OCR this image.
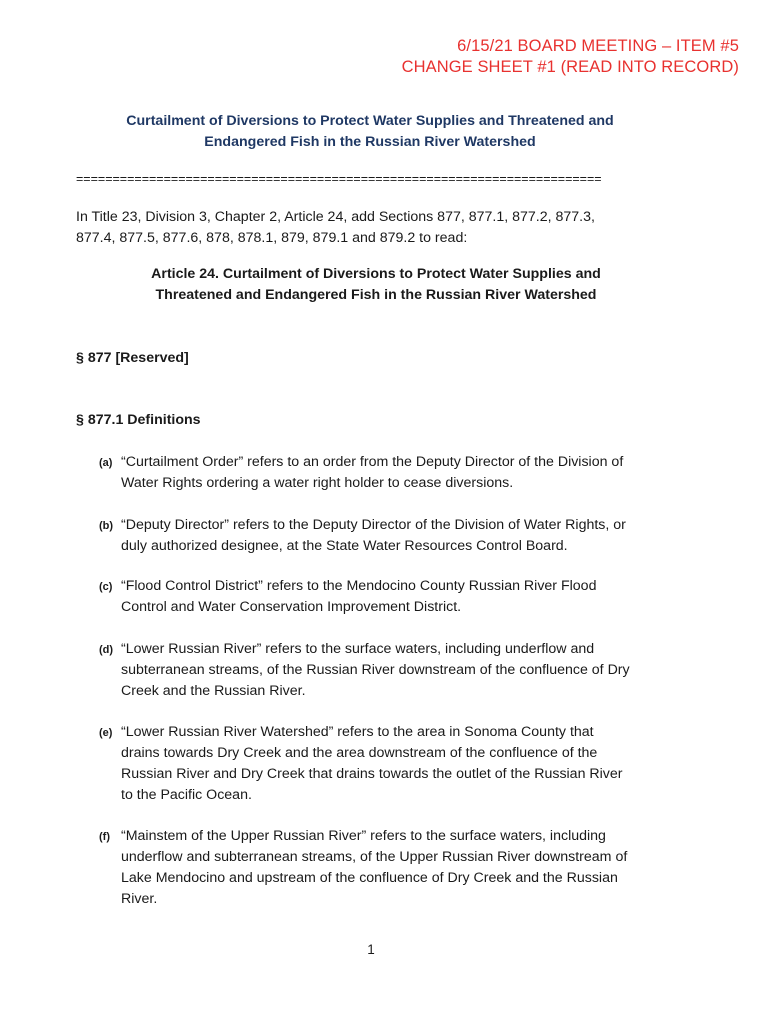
6/15/21 BOARD MEETING – ITEM #5
CHANGE SHEET #1 (READ INTO RECORD)
Curtailment of Diversions to Protect Water Supplies and Threatened and
Endangered Fish in the Russian River Watershed
========================================================================
In Title 23, Division 3, Chapter 2, Article 24, add Sections 877, 877.1, 877.2, 877.3,
877.4, 877.5, 877.6, 878, 878.1, 879, 879.1 and 879.2 to read:
Article 24. Curtailment of Diversions to Protect Water Supplies and
Threatened and Endangered Fish in the Russian River Watershed
§ 877 [Reserved]
§ 877.1 Definitions
(a) “Curtailment Order” refers to an order from the Deputy Director of the Division of
Water Rights ordering a water right holder to cease diversions.
(b) “Deputy Director” refers to the Deputy Director of the Division of Water Rights, or
duly authorized designee, at the State Water Resources Control Board.
(c) “Flood Control District” refers to the Mendocino County Russian River Flood
Control and Water Conservation Improvement District.
(d) “Lower Russian River” refers to the surface waters, including underflow and
subterranean streams, of the Russian River downstream of the confluence of Dry
Creek and the Russian River.
(e) “Lower Russian River Watershed” refers to the area in Sonoma County that
drains towards Dry Creek and the area downstream of the confluence of the
Russian River and Dry Creek that drains towards the outlet of the Russian River
to the Pacific Ocean.
(f) “Mainstem of the Upper Russian River” refers to the surface waters, including
underflow and subterranean streams, of the Upper Russian River downstream of
Lake Mendocino and upstream of the confluence of Dry Creek and the Russian
River.
1
